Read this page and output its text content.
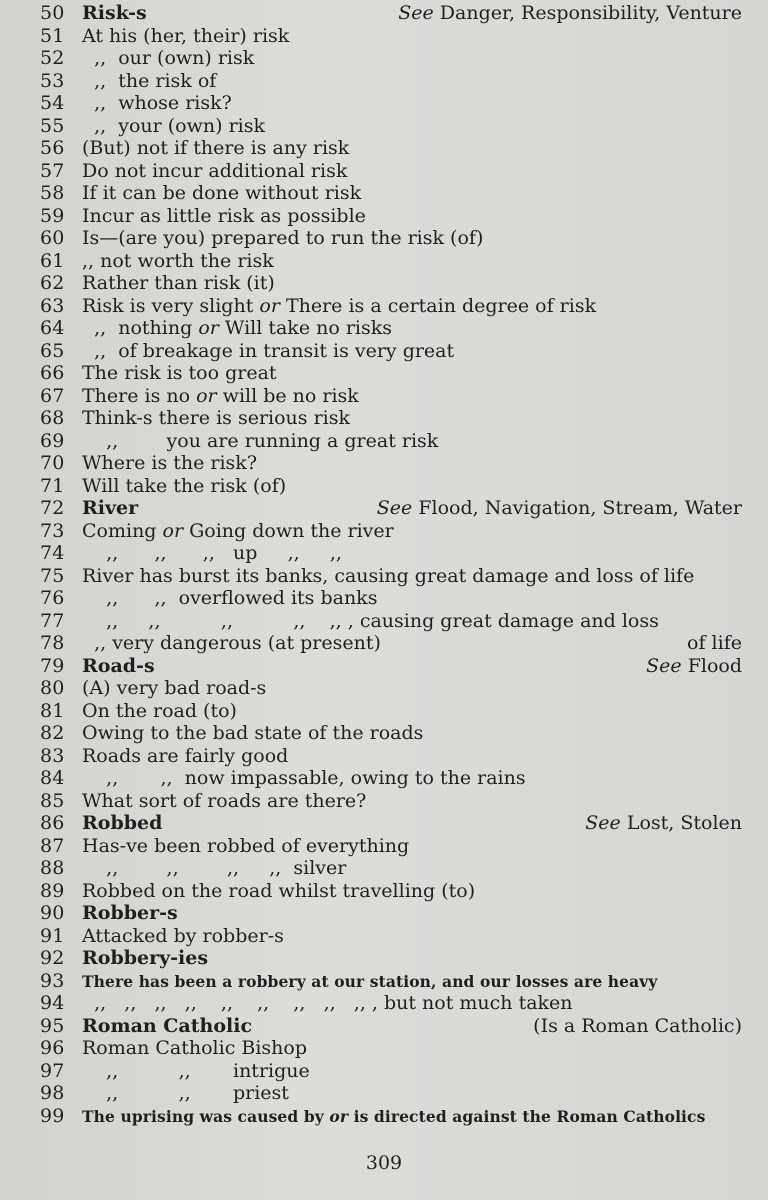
50 Risk-s	See Danger, Responsibility, Venture
51 At his (her, their) risk
52 ,,  our (own) risk
53 ,,  the risk of
54 ,,  whose risk?
55 ,,  your (own) risk
56 (But) not if there is any risk
57 Do not incur additional risk
58 If it can be done without risk
59 Incur as little risk as possible
60 Is—(are you) prepared to run the risk (of)
61 ,, not worth the risk
62 Rather than risk (it)
63 Risk is very slight or There is a certain degree of risk
64 ,,  nothing or Will take no risks
65 ,,  of breakage in transit is very great
66 The risk is too great
67 There is no or will be no risk
68 Think-s there is serious risk
69 ,,        you are running a great risk
70 Where is the risk?
71 Will take the risk (of)
72 River	See Flood, Navigation, Stream, Water
73 Coming or Going down the river
74 ,,      ,,      ,,   up     ,,     ,,
75 River has burst its banks, causing great damage and loss of life
76 ,,      ,,  overflowed its banks
77 ,,     ,,          ,,          ,,    ,, , causing great damage and loss
78 ,, very dangerous (at present)	of life
79 Road-s	See Flood
80 (A) very bad road-s
81 On the road (to)
82 Owing to the bad state of the roads
83 Roads are fairly good
84 ,,       ,,  now impassable, owing to the rains
85 What sort of roads are there?
86 Robbed	See Lost, Stolen
87 Has-ve been robbed of everything
88 ,,        ,,        ,,     ,,  silver
89 Robbed on the road whilst travelling (to)
90 Robber-s
91 Attacked by robber-s
92 Robbery-ies
93	There has been a robbery at our station, and our losses are heavy
94 ,,   ,,   ,,   ,,    ,,    ,,    ,,   ,,   ,, , but not much taken
95 Roman Catholic	(Is a Roman Catholic)
96 Roman Catholic Bishop
97 ,,          ,,       intrigue
98 ,,          ,,       priest
99	The uprising was caused by or is directed against the Roman Catholics
309
